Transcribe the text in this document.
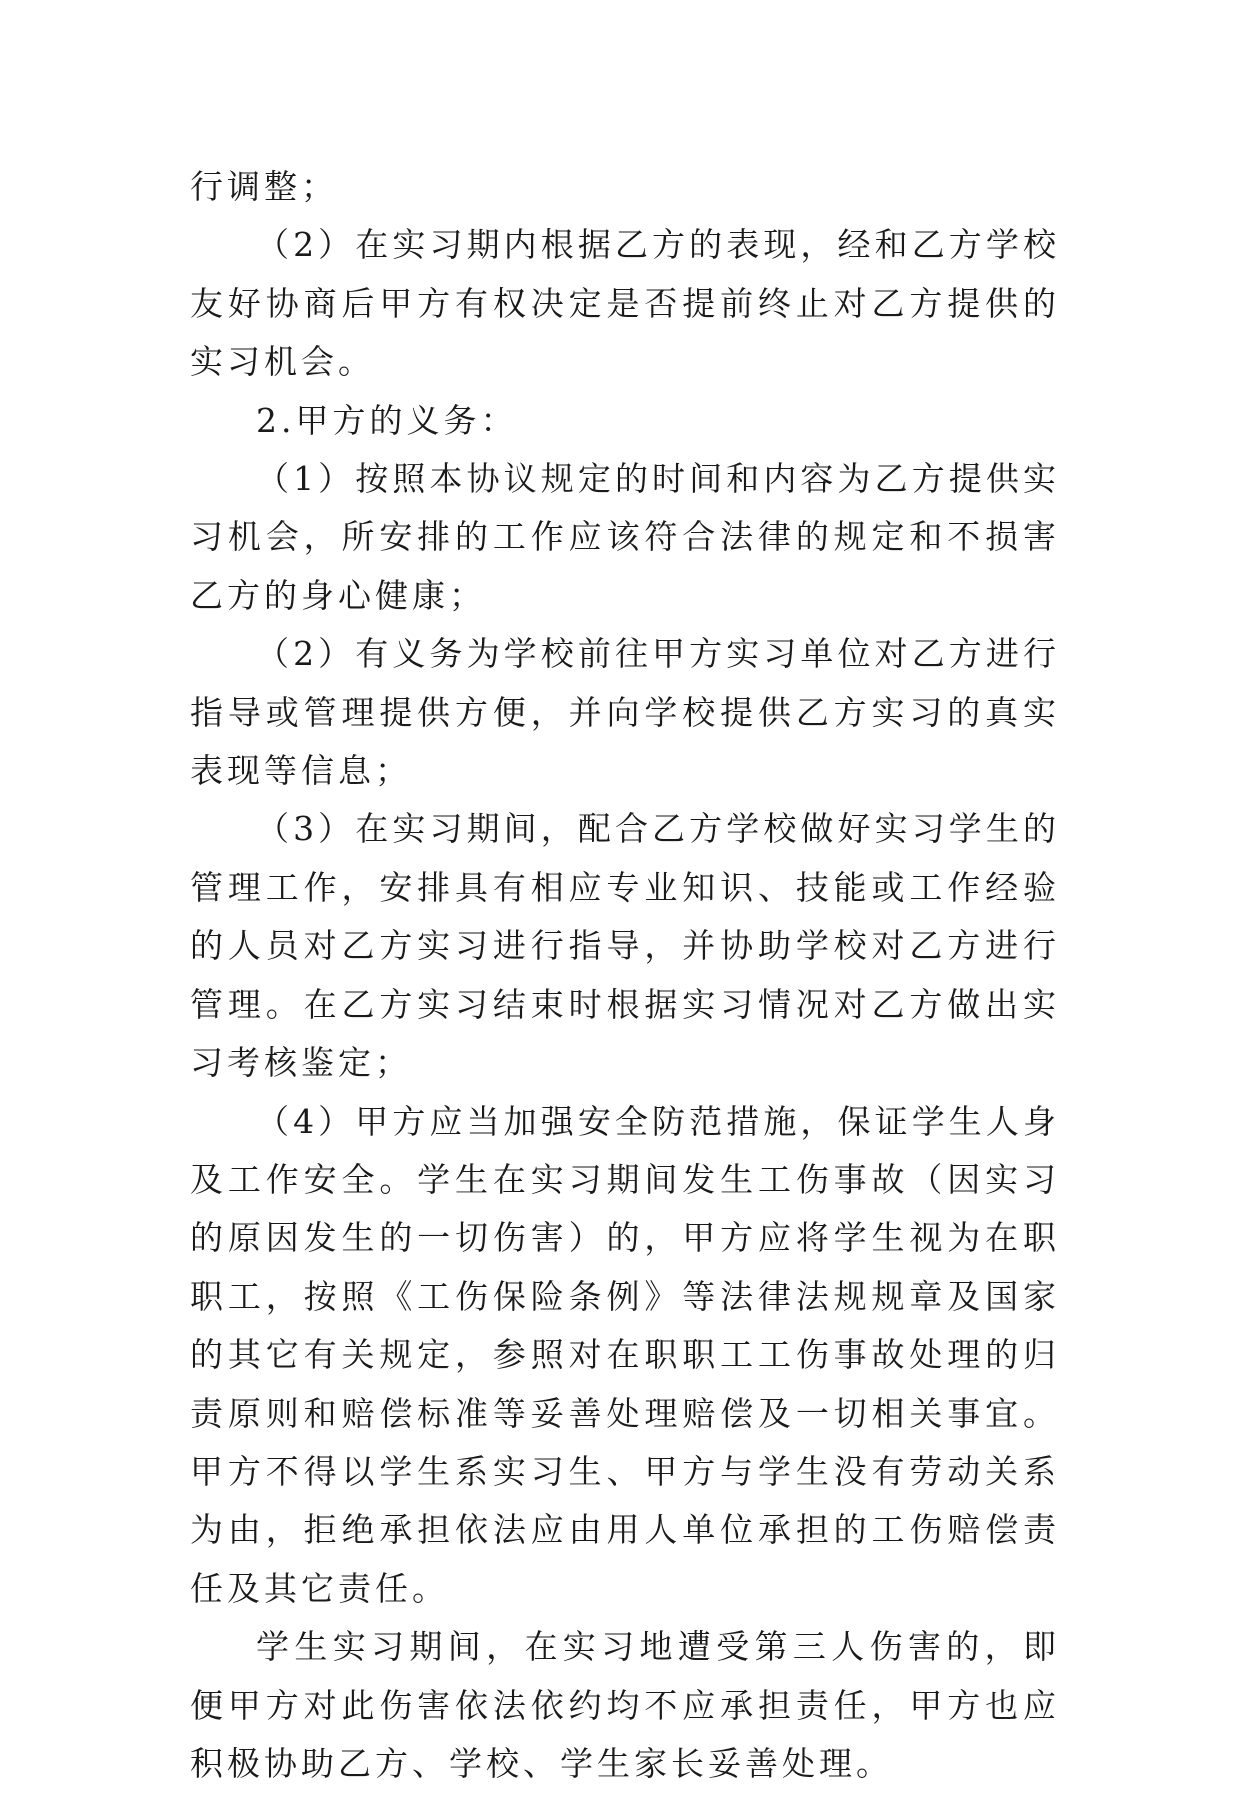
行调整；

（2）在实习期内根据乙方的表现，经和乙方学校友好协商后甲方有权决定是否提前终止对乙方提供的实习机会。

2.甲方的义务：

（1）按照本协议规定的时间和内容为乙方提供实习机会，所安排的工作应该符合法律的规定和不损害乙方的身心健康；

（2）有义务为学校前往甲方实习单位对乙方进行指导或管理提供方便，并向学校提供乙方实习的真实表现等信息；

（3）在实习期间，配合乙方学校做好实习学生的管理工作，安排具有相应专业知识、技能或工作经验的人员对乙方实习进行指导，并协助学校对乙方进行管理。在乙方实习结束时根据实习情况对乙方做出实习考核鉴定；

（4）甲方应当加强安全防范措施，保证学生人身及工作安全。学生在实习期间发生工伤事故（因实习的原因发生的一切伤害）的，甲方应将学生视为在职职工，按照《工伤保险条例》等法律法规规章及国家的其它有关规定，参照对在职职工工伤事故处理的归责原则和赔偿标准等妥善处理赔偿及一切相关事宜。甲方不得以学生系实习生、甲方与学生没有劳动关系为由，拒绝承担依法应由用人单位承担的工伤赔偿责任及其它责任。

学生实习期间，在实习地遭受第三人伤害的，即便甲方对此伤害依法依约均不应承担责任，甲方也应积极协助乙方、学校、学生家长妥善处理。
